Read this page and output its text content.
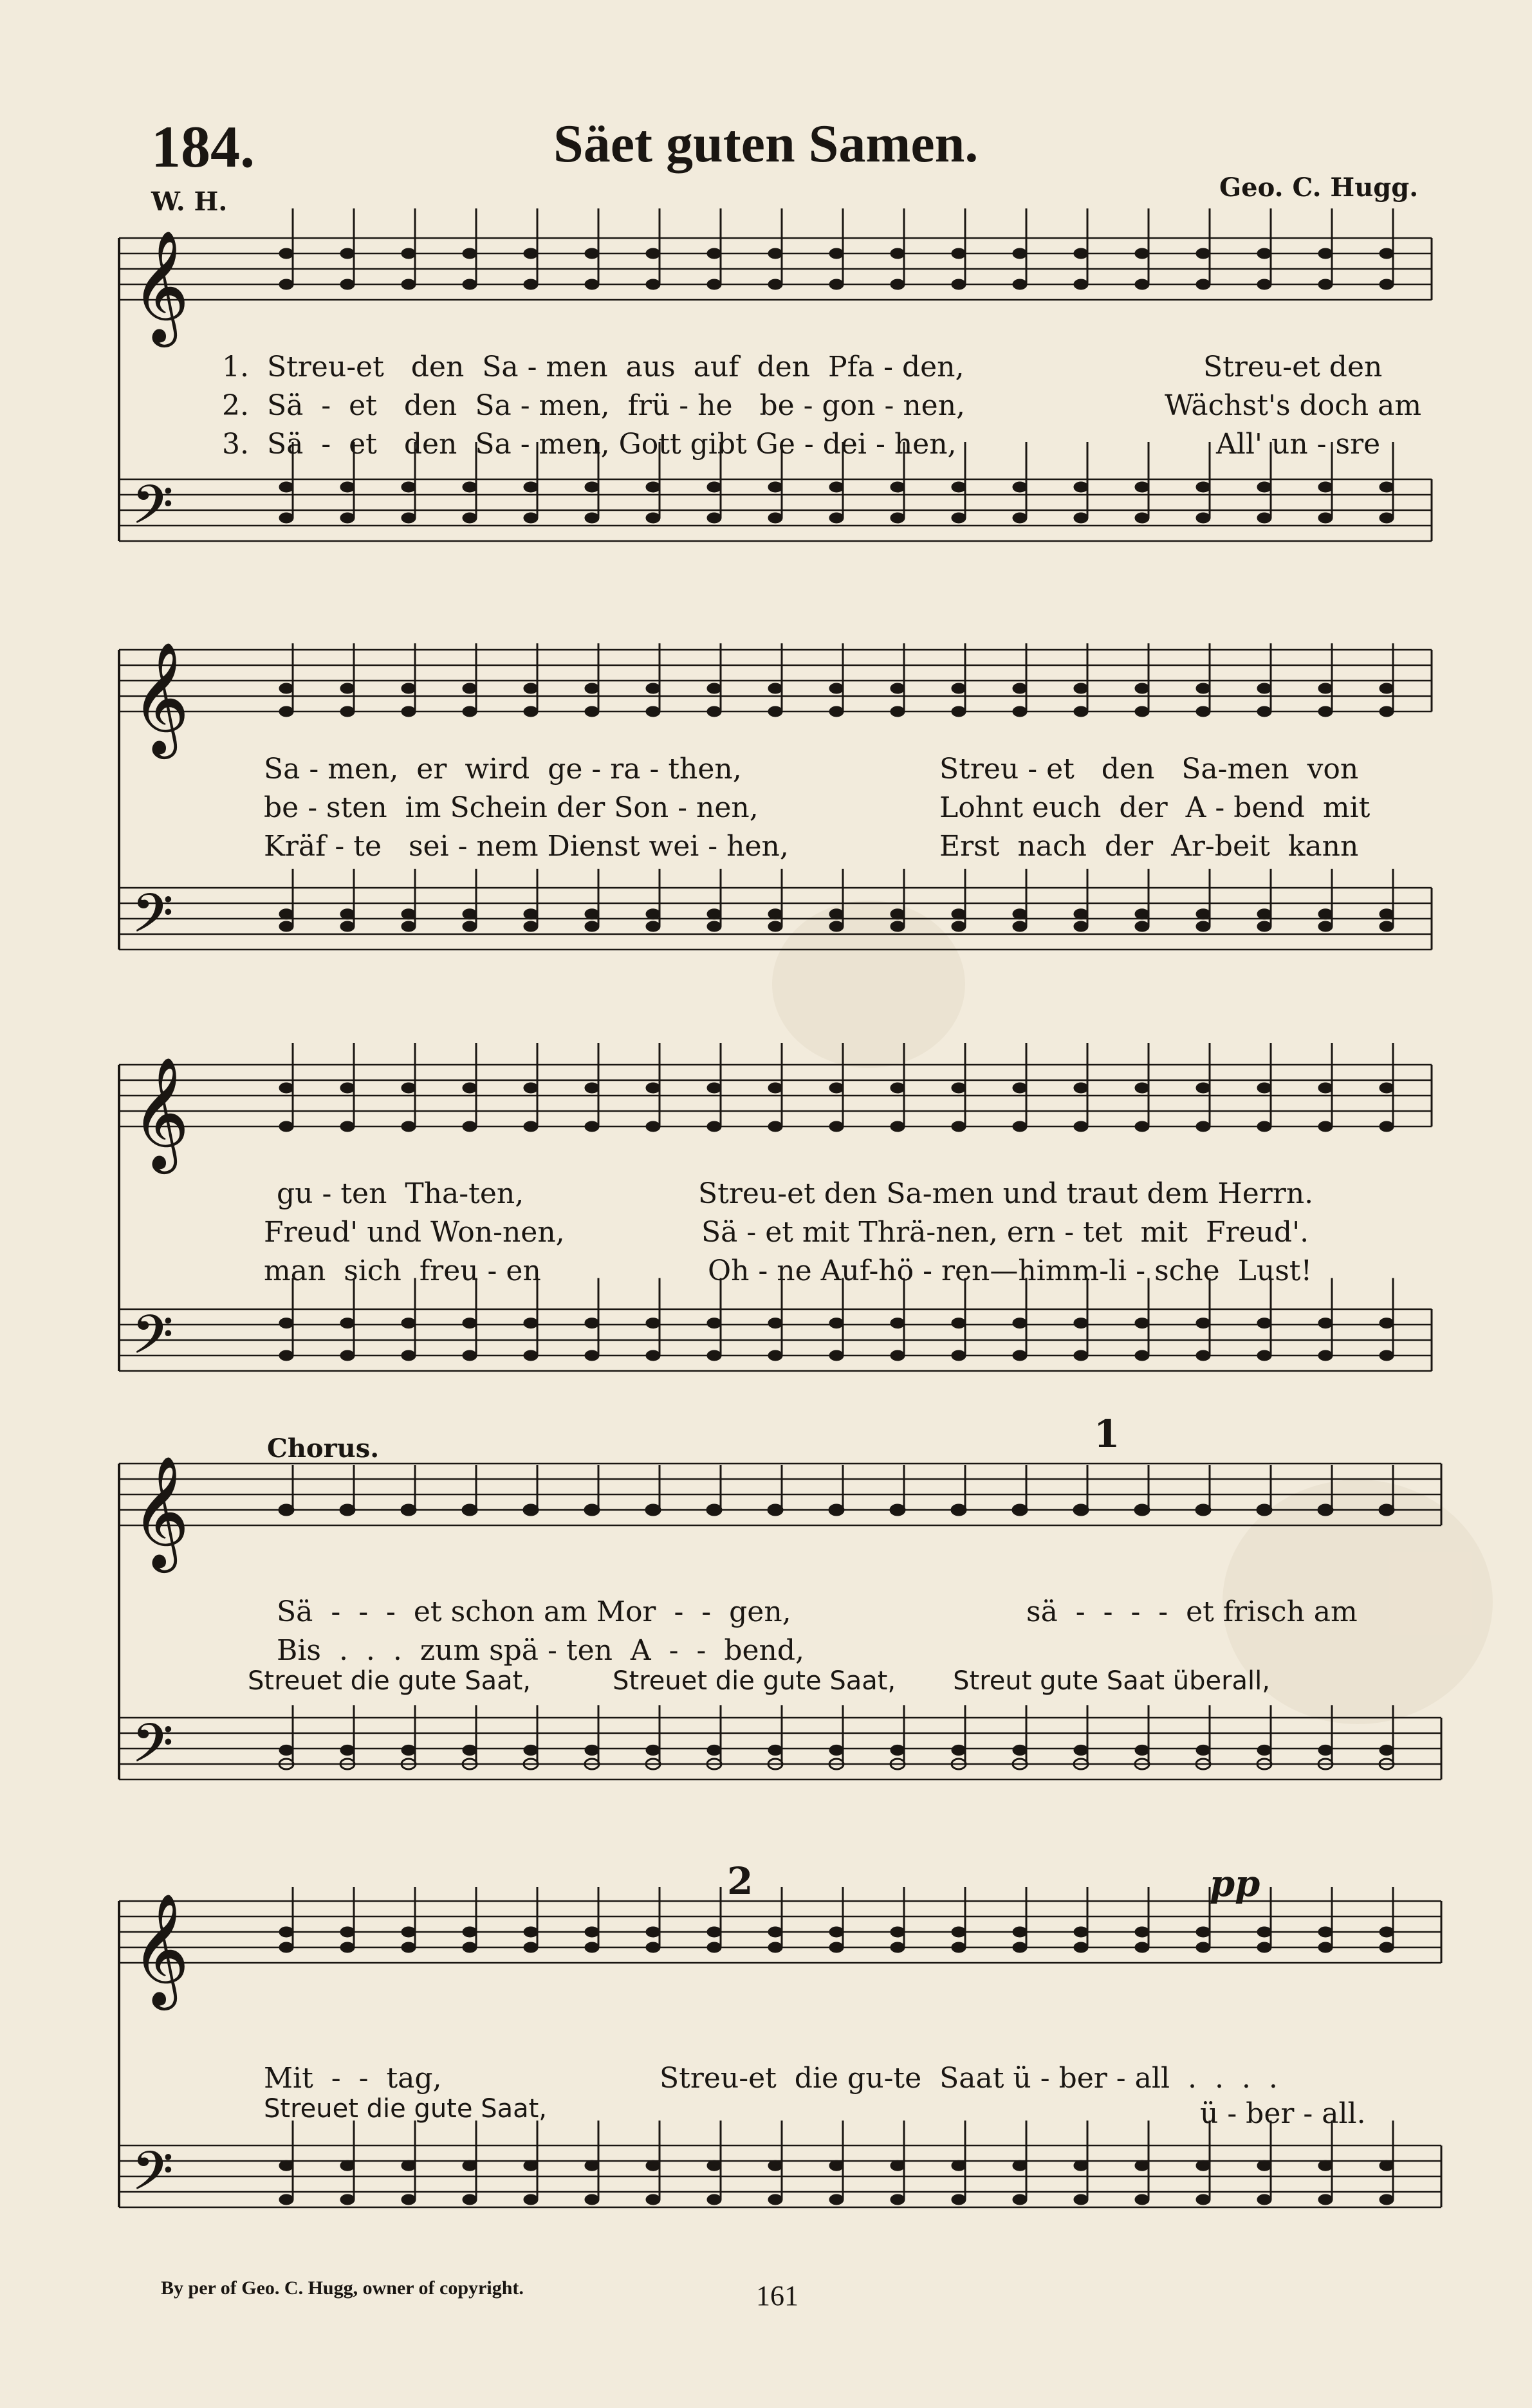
184.	Säet guten Samen.
W. H.	Geo. C. Hugg.
𝄞
𝄢
𝄞
𝄢
𝄞
𝄢
𝄞
𝄢
𝄞
𝄢
1.  Streu-et   den  Sa - men  aus  auf  den  Pfa - den,
2.  Sä  -  et   den  Sa - men,  frü - he   be - gon - nen,
3.  Sä  -  et   den  Sa - men, Gott gibt Ge - dei - hen,
Streu-et den
Wächst's doch am
All' un - sre
Sa - men,  er  wird  ge - ra - then,
be - sten  im Schein der Son - nen,
Kräf - te   sei - nem Dienst wei - hen,
Streu - et   den   Sa-men  von
Lohnt euch  der  A - bend  mit
Erst  nach  der  Ar-beit  kann
gu - ten  Tha-ten,
Freud' und Won-nen,
man  sich  freu - en
Streu-et den Sa-men und traut dem Herrn.
Sä - et mit Thrä-nen, ern - tet  mit  Freud'.
Oh - ne Auf-hö - ren—himm-li - sche  Lust!
Chorus.
Sä  -  -  -  et schon am Mor  -  -  gen,
Bis  .  .  .  zum spä - ten  A  -  -  bend,
sä  -  -  -  -  et frisch am
Streuet die gute Saat,          Streuet die gute Saat,       Streut gute Saat überall,
1
2	pp
Mit  -  -  tag,	Streu-et  die gu-te  Saat ü - ber - all  .  .  .  .
ü - ber - all.
Streuet die gute Saat,
By per of Geo. C. Hugg, owner of copyright.	161
